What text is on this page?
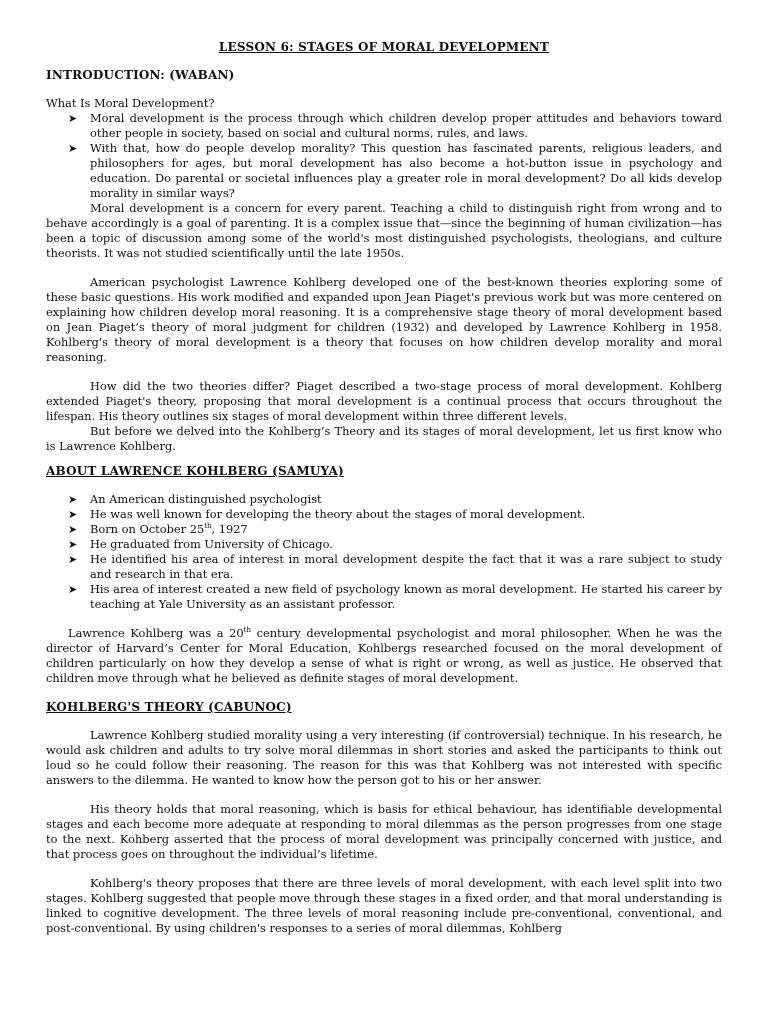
LESSON 6: STAGES OF MORAL DEVELOPMENT
INTRODUCTION: (WABAN)

What Is Moral Development?

➤ Moral development is the process through which children develop proper attitudes and behaviors toward other people in society, based on social and cultural norms, rules, and laws.
➤ With that, how do people develop morality? This question has fascinated parents, religious leaders, and philosophers for ages, but moral development has also become a hot-button issue in psychology and education. Do parental or societal influences play a greater role in moral development? Do all kids develop morality in similar ways?

Moral development is a concern for every parent. Teaching a child to distinguish right from wrong and to behave accordingly is a goal of parenting. It is a complex issue that—since the beginning of human civilization—has been a topic of discussion among some of the world's most distinguished psychologists, theologians, and culture theorists. It was not studied scientifically until the late 1950s.

American psychologist Lawrence Kohlberg developed one of the best-known theories exploring some of these basic questions. His work modified and expanded upon Jean Piaget's previous work but was more centered on explaining how children develop moral reasoning. It is a comprehensive stage theory of moral development based on Jean Piaget’s theory of moral judgment for children (1932) and developed by Lawrence Kohlberg in 1958. Kohlberg's theory of moral development is a theory that focuses on how children develop morality and moral reasoning.

How did the two theories differ? Piaget described a two-stage process of moral development. Kohlberg extended Piaget's theory, proposing that moral development is a continual process that occurs throughout the lifespan. His theory outlines six stages of moral development within three different levels.

But before we delved into the Kohlberg’s Theory and its stages of moral development, let us first know who is Lawrence Kohlberg.

ABOUT LAWRENCE KOHLBERG (SAMUYA)
➤ An American distinguished psychologist
➤ He was well known for developing the theory about the stages of moral development.
➤ Born on October 25th, 1927
➤ He graduated from University of Chicago.
➤ He identified his area of interest in moral development despite the fact that it was a rare subject to study and research in that era.
➤ His area of interest created a new field of psychology known as moral development. He started his career by teaching at Yale University as an assistant professor.

Lawrence Kohlberg was a 20th century developmental psychologist and moral philosopher. When he was the director of Harvard’s Center for Moral Education, Kohlbergs researched focused on the moral development of children particularly on how they develop a sense of what is right or wrong, as well as justice. He observed that children move through what he believed as definite stages of moral development.

KOHLBERG'S THEORY (CABUNOC)

Lawrence Kohlberg studied morality using a very interesting (if controversial) technique. In his research, he would ask children and adults to try solve moral dilemmas in short stories and asked the participants to think out loud so he could follow their reasoning. The reason for this was that Kohlberg was not interested with specific answers to the dilemma. He wanted to know how the person got to his or her answer.

His theory holds that moral reasoning, which is basis for ethical behaviour, has identifiable developmental stages and each become more adequate at responding to moral dilemmas as the person progresses from one stage to the next. Kohberg asserted that the process of moral development was principally concerned with justice, and that process goes on throughout the individual’s lifetime.

Kohlberg's theory proposes that there are three levels of moral development, with each level split into two stages. Kohlberg suggested that people move through these stages in a fixed order, and that moral understanding is linked to cognitive development. The three levels of moral reasoning include pre-conventional, conventional, and post-conventional. By using children's responses to a series of moral dilemmas, Kohlberg
